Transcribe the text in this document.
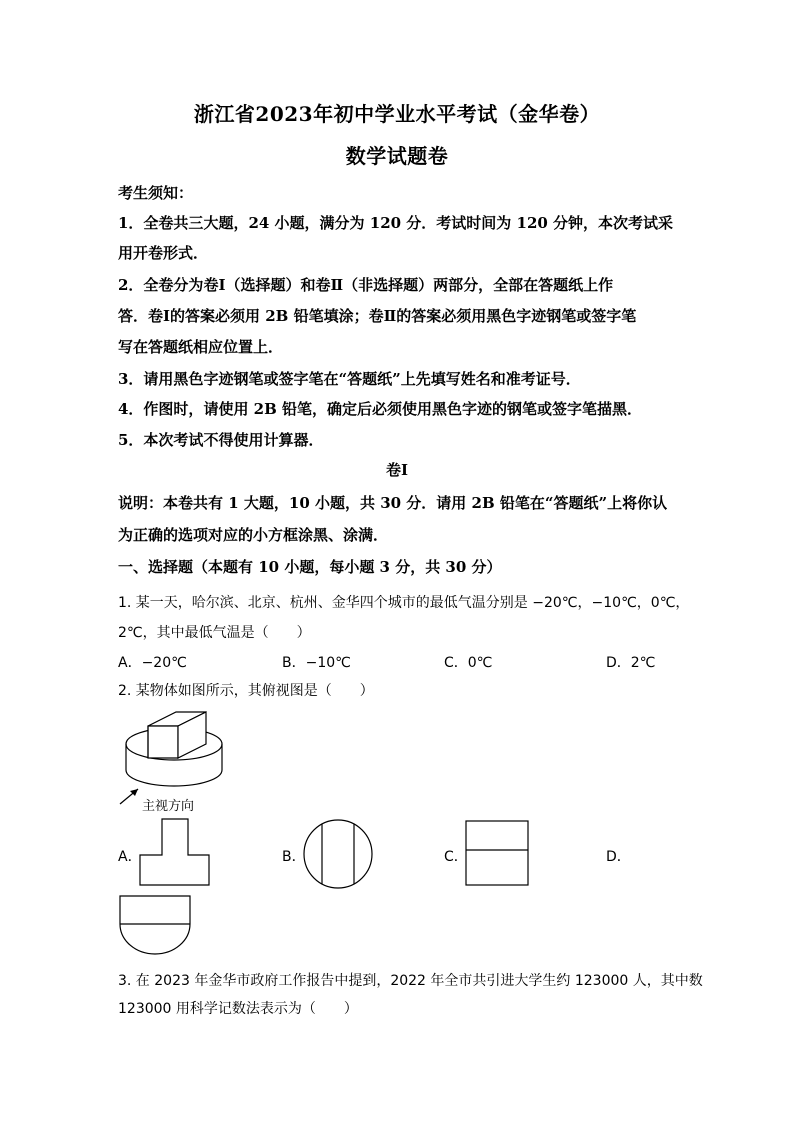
浙江省2023年初中学业水平考试（金华卷）
数学试题卷
考生须知：
1．全卷共三大题，24 小题，满分为 120 分．考试时间为 120 分钟，本次考试采
用开卷形式．
2．全卷分为卷Ⅰ（选择题）和卷Ⅱ（非选择题）两部分，全部在答题纸上作
答．卷Ⅰ的答案必须用 2B 铅笔填涂；卷Ⅱ的答案必须用黑色字迹钢笔或签字笔
写在答题纸相应位置上．
3．请用黑色字迹钢笔或签字笔在“答题纸”上先填写姓名和准考证号．
4．作图时，请使用 2B 铅笔，确定后必须使用黑色字迹的钢笔或签字笔描黑．
5．本次考试不得使用计算器．
卷Ⅰ
说明：本卷共有 1 大题，10 小题，共 30 分．请用 2B 铅笔在“答题纸”上将你认
为正确的选项对应的小方框涂黑、涂满．
一、选择题（本题有 10 小题，每小题 3 分，共 30 分）
1. 某一天，哈尔滨、北京、杭州、金华四个城市的最低气温分别是 −20℃，−10℃，0℃，
2℃，其中最低气温是（　　）
A．−20℃	B．−10℃	C．0℃	D．2℃
2. 某物体如图所示，其俯视图是（　　）
主视方向
A．	B．	C．	D．
3. 在 2023 年金华市政府工作报告中提到，2022 年全市共引进大学生约 123000 人，其中数
123000 用科学记数法表示为（　　）
